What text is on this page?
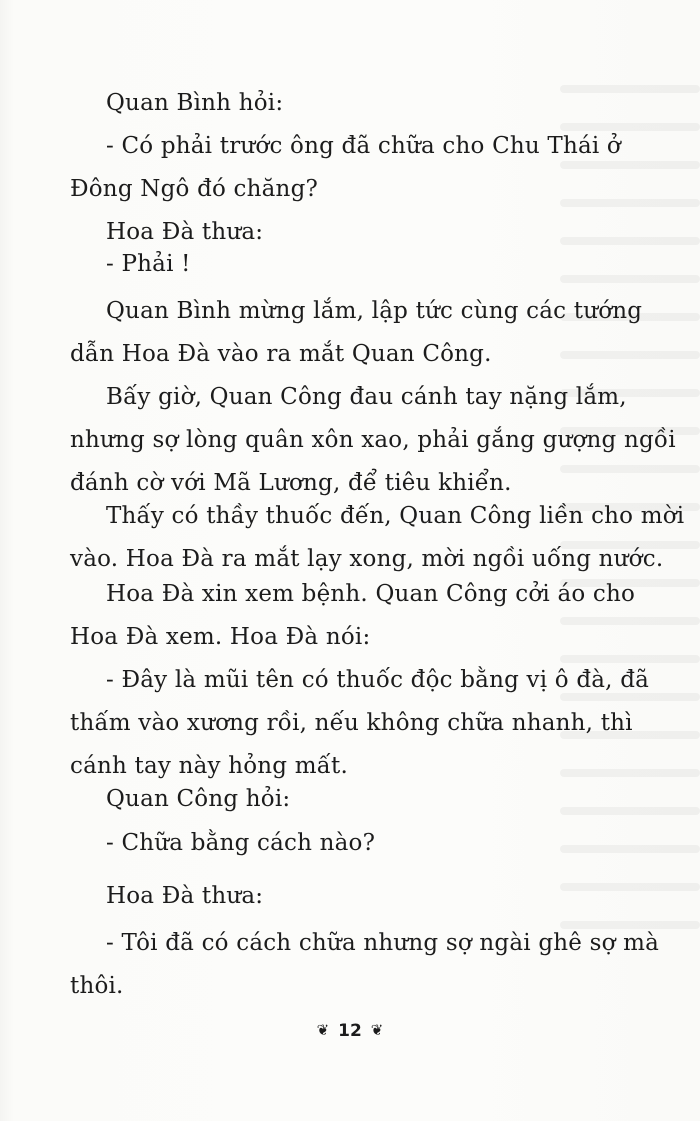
Quan Bình hỏi:

- Có phải trước ông đã chữa cho Chu Thái ở
Đông Ngô đó chăng?

Hoa Đà thưa:

- Phải !

Quan Bình mừng lắm, lập tức cùng các tướng
dẫn Hoa Đà vào ra mắt Quan Công.

Bấy giờ, Quan Công đau cánh tay nặng lắm,
nhưng sợ lòng quân xôn xao, phải gắng gượng ngồi
đánh cờ với Mã Lương, để tiêu khiển.

Thấy có thầy thuốc đến, Quan Công liền cho mời
vào. Hoa Đà ra mắt lạy xong, mời ngồi uống nước.

Hoa Đà xin xem bệnh. Quan Công cởi áo cho
Hoa Đà xem. Hoa Đà nói:

- Đây là mũi tên có thuốc độc bằng vị ô đà, đã
thấm vào xương rồi, nếu không chữa nhanh, thì
cánh tay này hỏng mất.

Quan Công hỏi:

- Chữa bằng cách nào?

Hoa Đà thưa:

- Tôi đã có cách chữa nhưng sợ ngài ghê sợ mà
thôi.

❦ 12 ❦
